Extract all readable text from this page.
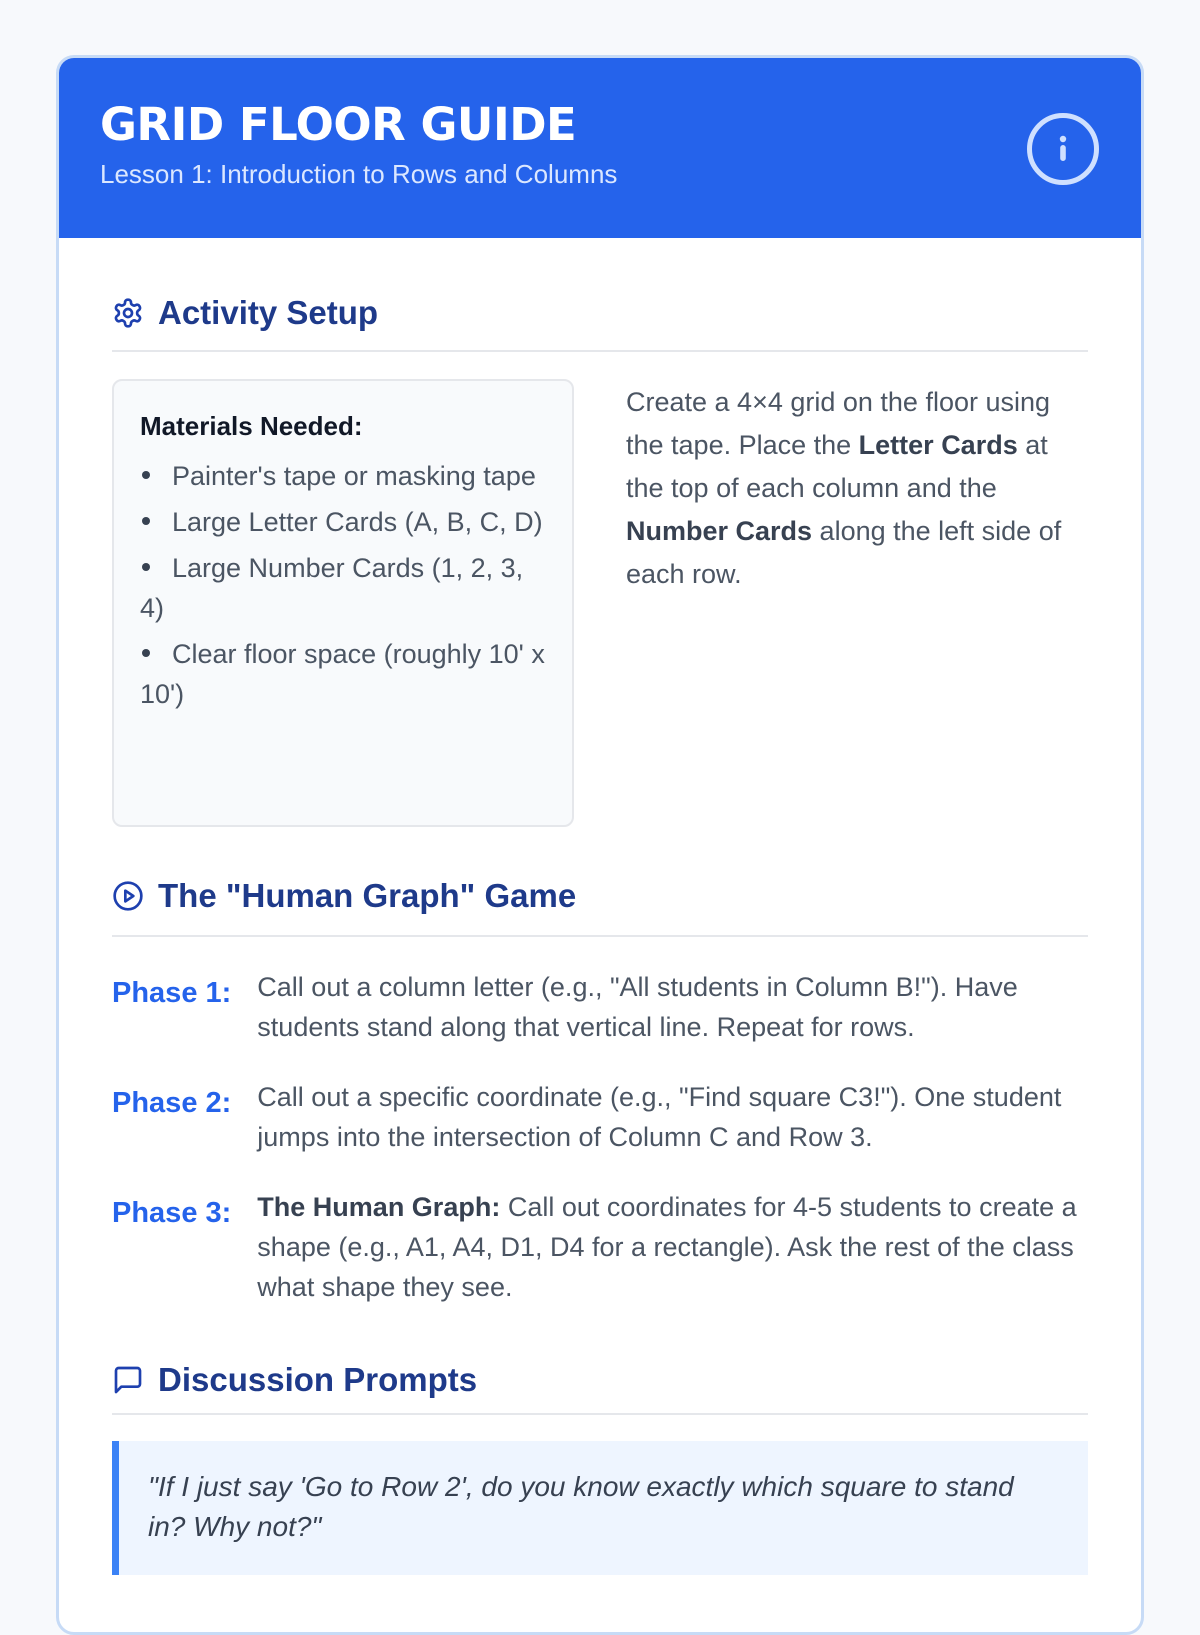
GRID FLOOR GUIDE
Lesson 1: Introduction to Rows and Columns
Activity Setup
Materials Needed:
Painter's tape or masking tape
Large Letter Cards (A, B, C, D)
Large Number Cards (1, 2, 3, 4)
Clear floor space (roughly 10' x 10')
Create a 4×4 grid on the floor using the tape. Place the Letter Cards at the top of each column and the Number Cards along the left side of each row.
The "Human Graph" Game
Phase 1: Call out a column letter (e.g., "All students in Column B!"). Have students stand along that vertical line. Repeat for rows.
Phase 2: Call out a specific coordinate (e.g., "Find square C3!"). One student jumps into the intersection of Column C and Row 3.
Phase 3: The Human Graph: Call out coordinates for 4-5 students to create a shape (e.g., A1, A4, D1, D4 for a rectangle). Ask the rest of the class what shape they see.
Discussion Prompts
"If I just say 'Go to Row 2', do you know exactly which square to stand in? Why not?"
